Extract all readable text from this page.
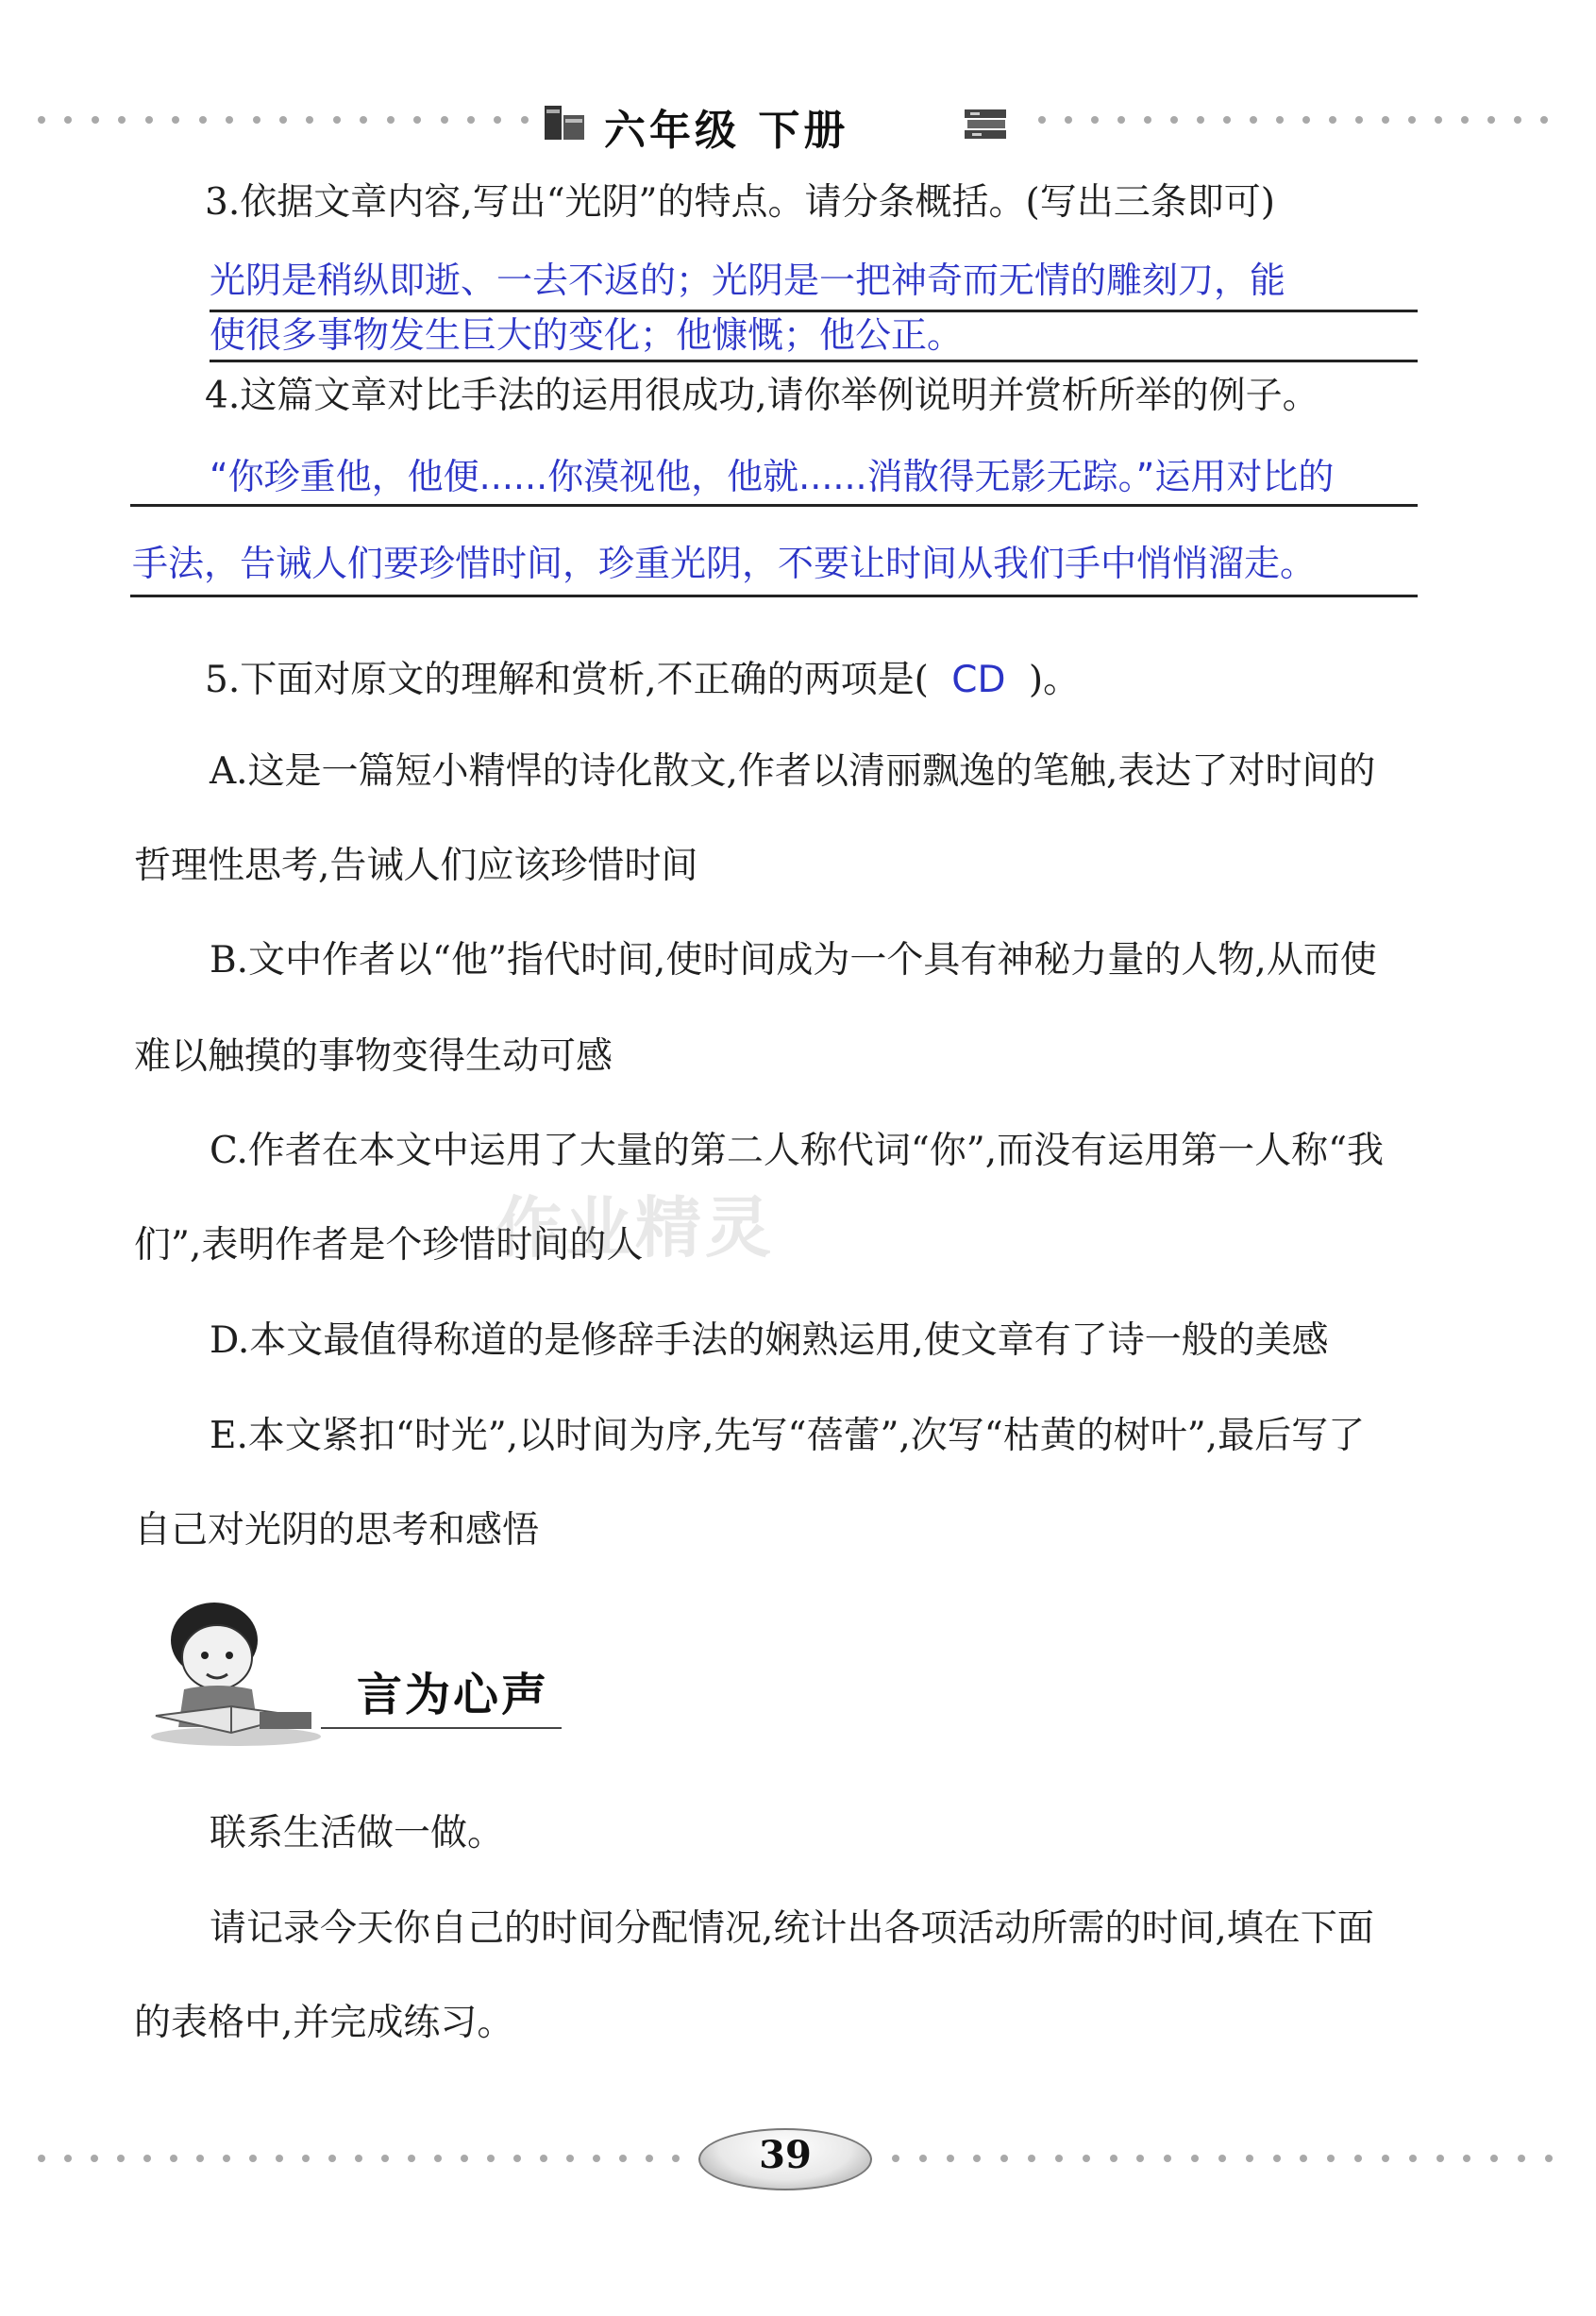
六年级 下册
3.依据文章内容,写出“光阴”的特点。请分条概括。(写出三条即可)
光阴是稍纵即逝、一去不返的；光阴是一把神奇而无情的雕刻刀，能
使很多事物发生巨大的变化；他慷慨；他公正。
4.这篇文章对比手法的运用很成功,请你举例说明并赏析所举的例子。
“你珍重他，他便......你漠视他，他就......消散得无影无踪。”运用对比的
手法，告诫人们要珍惜时间，珍重光阴，不要让时间从我们手中悄悄溜走。
5.下面对原文的理解和赏析,不正确的两项是( CD )。
A.这是一篇短小精悍的诗化散文,作者以清丽飘逸的笔触,表达了对时间的
哲理性思考,告诫人们应该珍惜时间
B.文中作者以“他”指代时间,使时间成为一个具有神秘力量的人物,从而使
难以触摸的事物变得生动可感
C.作者在本文中运用了大量的第二人称代词“你”,而没有运用第一人称“我
们”,表明作者是个珍惜时间的人
D.本文最值得称道的是修辞手法的娴熟运用,使文章有了诗一般的美感
E.本文紧扣“时光”,以时间为序,先写“蓓蕾”,次写“枯黄的树叶”,最后写了
自己对光阴的思考和感悟
作业精灵
言为心声
联系生活做一做。
请记录今天你自己的时间分配情况,统计出各项活动所需的时间,填在下面
的表格中,并完成练习。
39
